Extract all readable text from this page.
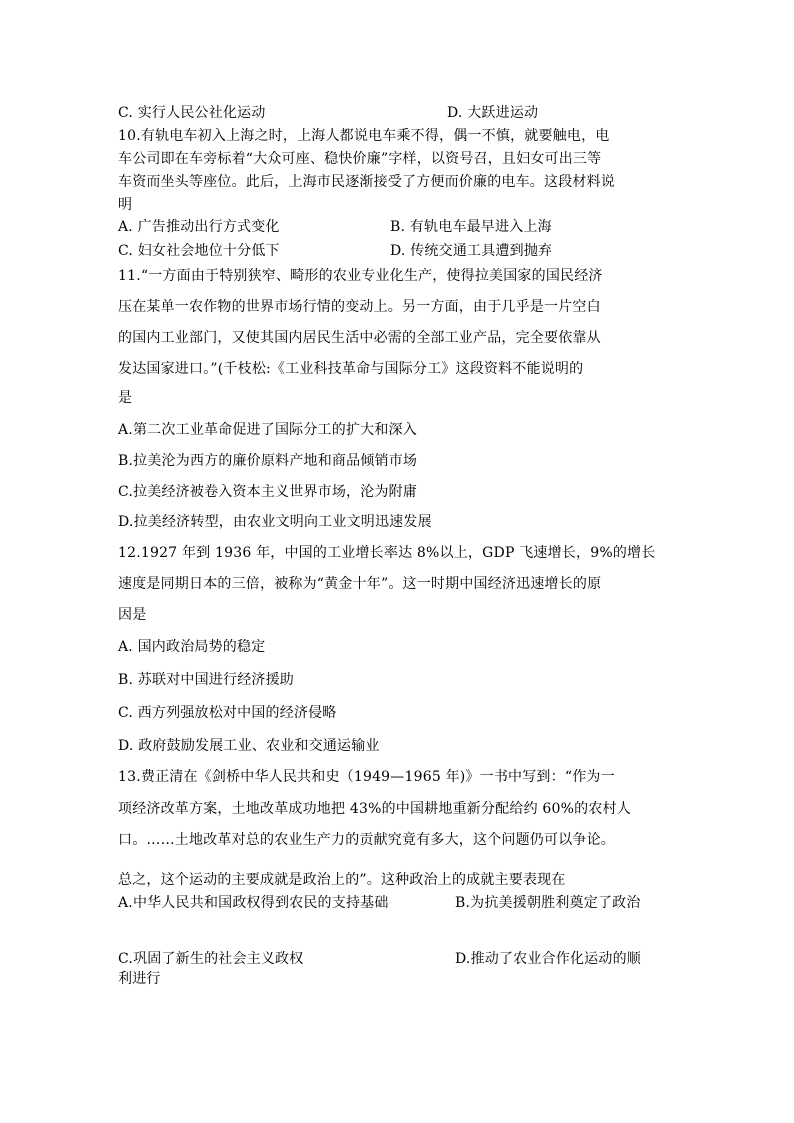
C. 实行人民公社化运动	D. 大跃进运动
10.有轨电车初入上海之时，上海人都说电车乘不得，偶一不慎，就要触电，电
车公司即在车旁标着“大众可座、稳快价廉”字样，以资号召，且妇女可出三等
车资而坐头等座位。此后，上海市民逐渐接受了方便而价廉的电车。这段材料说
明
A. 广告推动出行方式变化	B. 有轨电车最早进入上海
C. 妇女社会地位十分低下	D. 传统交通工具遭到抛弃
11.“一方面由于特别狭窄、畸形的农业专业化生产，使得拉美国家的国民经济
压在某单一农作物的世界市场行情的变动上。另一方面，由于几乎是一片空白
的国内工业部门，又使其国内居民生活中必需的全部工业产品，完全要依靠从
发达国家进口。”(千枝松:《工业科技革命与国际分工》这段资料不能说明的
是
A.第二次工业革命促进了国际分工的扩大和深入
B.拉美沦为西方的廉价原料产地和商品倾销市场
C.拉美经济被卷入资本主义世界市场，沦为附庸
D.拉美经济转型，由农业文明向工业文明迅速发展
12.1927 年到 1936 年，中国的工业增长率达 8%以上，GDP 飞速增长，9%的增长
速度是同期日本的三倍，被称为“黄金十年”。这一时期中国经济迅速增长的原
因是
A. 国内政治局势的稳定
B. 苏联对中国进行经济援助
C. 西方列强放松对中国的经济侵略
D. 政府鼓励发展工业、农业和交通运输业
13.费正清在《剑桥中华人民共和史（1949—1965 年)》一书中写到：“作为一
项经济改革方案，土地改革成功地把 43%的中国耕地重新分配给约 60%的农村人
口。……土地改革对总的农业生产力的贡献究竟有多大，这个问题仍可以争论。
总之，这个运动的主要成就是政治上的”。这种政治上的成就主要表现在
A.中华人民共和国政权得到农民的支持基础	B.为抗美援朝胜利奠定了政治
C.巩固了新生的社会主义政权	D.推动了农业合作化运动的顺
利进行
